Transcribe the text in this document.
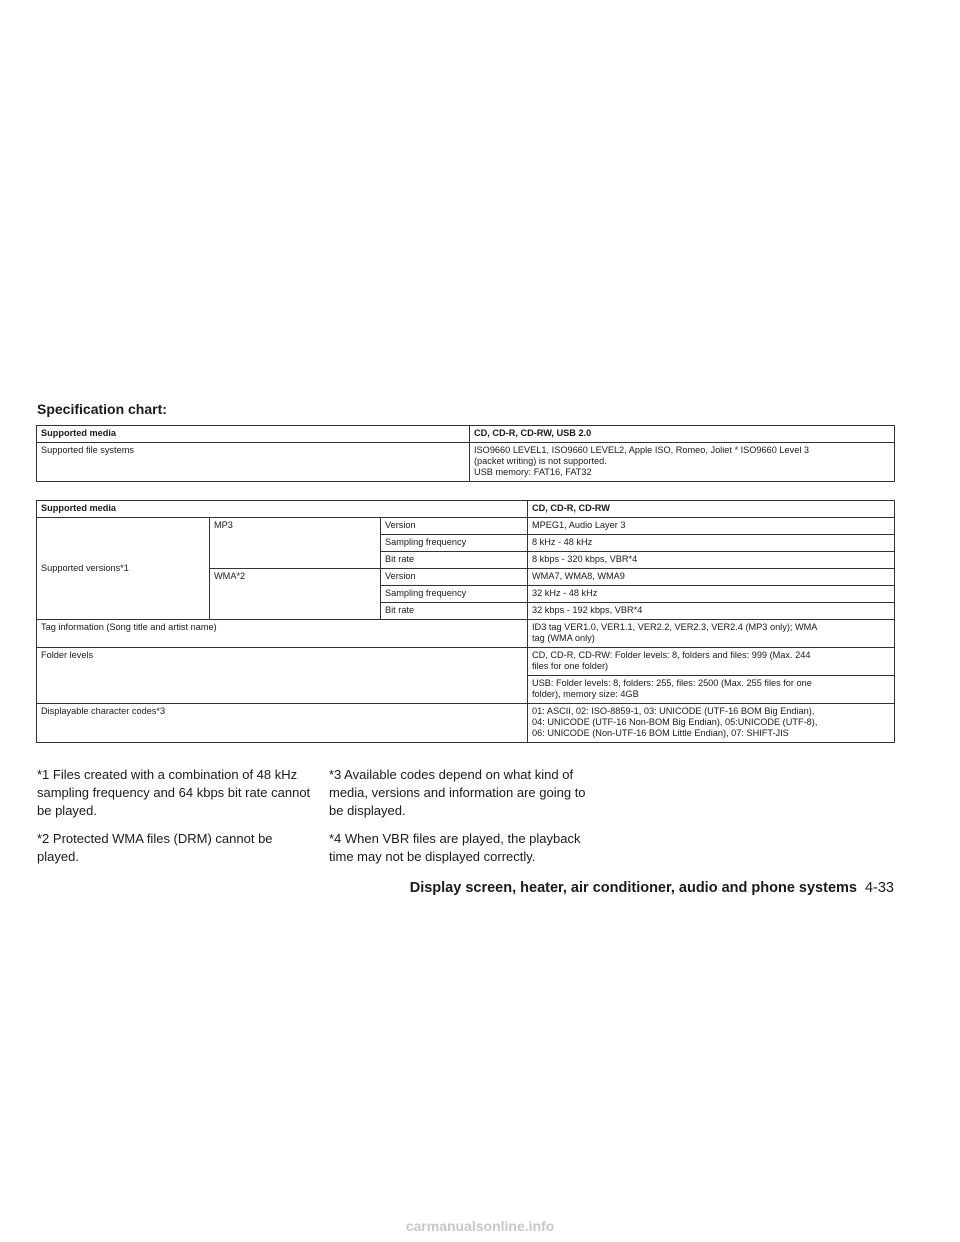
Specification chart:
Supported media	CD, CD-R, CD-RW, USB 2.0
Supported file systems	ISO9660 LEVEL1, ISO9660 LEVEL2, Apple ISO, Romeo, Joliet * ISO9660 Level 3
(packet writing) is not supported.
USB memory: FAT16, FAT32
Supported media			CD, CD-R, CD-RW
Supported versions*1	MP3	Version	MPEG1, Audio Layer 3
		Sampling frequency	8 kHz - 48 kHz
		Bit rate	8 kbps - 320 kbps, VBR*4
	WMA*2	Version	WMA7, WMA8, WMA9
		Sampling frequency	32 kHz - 48 kHz
		Bit rate	32 kbps - 192 kbps, VBR*4
Tag information (Song title and artist name)			ID3 tag VER1.0, VER1.1, VER2.2, VER2.3, VER2.4 (MP3 only); WMA
tag (WMA only)

Folder levels			CD, CD-R, CD-RW: Folder levels: 8, folders and files: 999 (Max. 244
files for one folder)

			USB: Folder levels: 8, folders: 255, files: 2500 (Max. 255 files for one
folder), memory size: 4GB

Displayable character codes*3			01: ASCII, 02: ISO-8859-1, 03: UNICODE (UTF-16 BOM Big Endian),
04: UNICODE (UTF-16 Non-BOM Big Endian), 05:UNICODE (UTF-8),
06: UNICODE (Non-UTF-16 BOM Little Endian), 07: SHIFT-JIS

*1 Files created with a combination of 48 kHz sampling frequency and 64 kbps bit rate cannot be played.

*2 Protected WMA files (DRM) cannot be played.

*3 Available codes depend on what kind of media, versions and information are going to be displayed.

*4 When VBR files are played, the playback time may not be displayed correctly.

Display screen, heater, air conditioner, audio and phone systems 4-33
carmanualsonline.info
